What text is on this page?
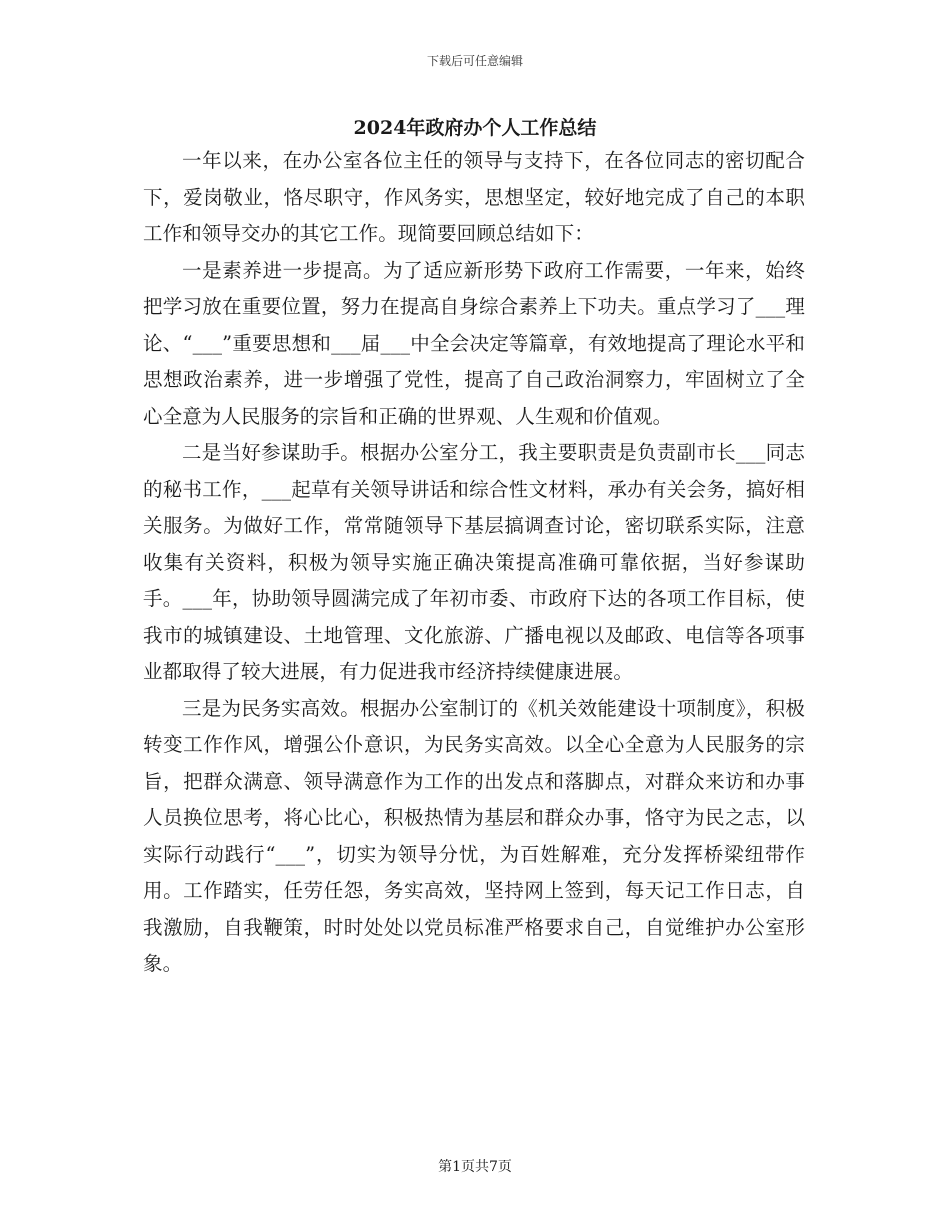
下载后可任意编辑
2024年政府办个人工作总结

一年以来，在办公室各位主任的领导与支持下，在各位同志的密切配合下，爱岗敬业，恪尽职守，作风务实，思想坚定，较好地完成了自己的本职工作和领导交办的其它工作。现简要回顾总结如下：

一是素养进一步提高。为了适应新形势下政府工作需要，一年来，始终把学习放在重要位置，努力在提高自身综合素养上下功夫。重点学习了___理论、“___”重要思想和___届___中全会决定等篇章，有效地提高了理论水平和思想政治素养，进一步增强了党性，提高了自己政治洞察力，牢固树立了全心全意为人民服务的宗旨和正确的世界观、人生观和价值观。

二是当好参谋助手。根据办公室分工，我主要职责是负责副市长___同志的秘书工作，___起草有关领导讲话和综合性文材料，承办有关会务，搞好相关服务。为做好工作，常常随领导下基层搞调查讨论，密切联系实际，注意收集有关资料，积极为领导实施正确决策提高准确可靠依据，当好参谋助手。___年，协助领导圆满完成了年初市委、市政府下达的各项工作目标，使我市的城镇建设、土地管理、文化旅游、广播电视以及邮政、电信等各项事业都取得了较大进展，有力促进我市经济持续健康进展。

三是为民务实高效。根据办公室制订的《机关效能建设十项制度》，积极转变工作作风，增强公仆意识，为民务实高效。以全心全意为人民服务的宗旨，把群众满意、领导满意作为工作的出发点和落脚点，对群众来访和办事人员换位思考，将心比心，积极热情为基层和群众办事，恪守为民之志，以实际行动践行“___”，切实为领导分忧，为百姓解难，充分发挥桥梁纽带作用。工作踏实，任劳任怨，务实高效，坚持网上签到，每天记工作日志，自我激励，自我鞭策，时时处处以党员标准严格要求自己，自觉维护办公室形象。

第1页共7页
